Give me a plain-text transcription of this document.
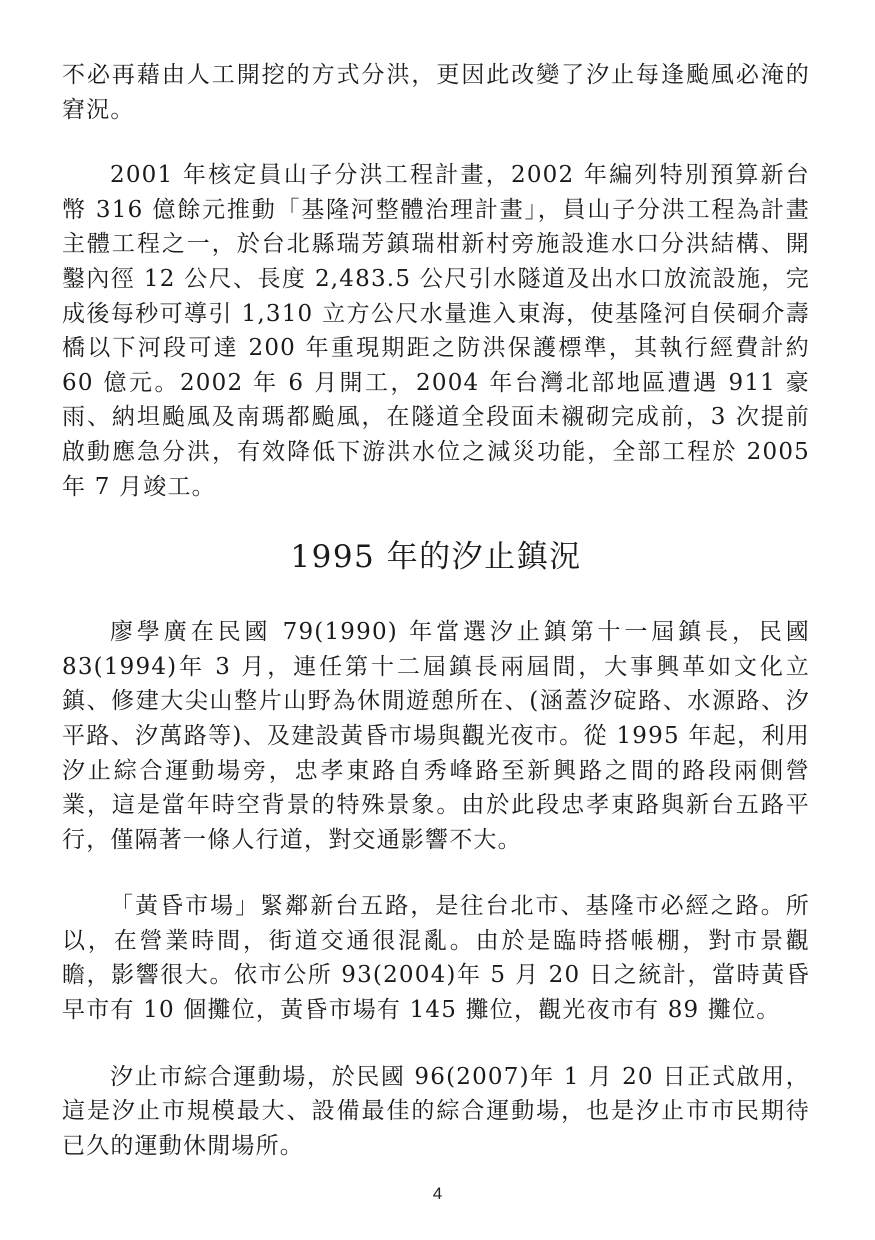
不必再藉由人工開挖的方式分洪，更因此改變了汐止每逢颱風必淹的窘況。

2001 年核定員山子分洪工程計畫，2002 年編列特別預算新台幣 316 億餘元推動「基隆河整體治理計畫」，員山子分洪工程為計畫主體工程之一，於台北縣瑞芳鎮瑞柑新村旁施設進水口分洪結構、開鑿內徑 12 公尺、長度 2,483.5 公尺引水隧道及出水口放流設施，完成後每秒可導引 1,310 立方公尺水量進入東海，使基隆河自侯硐介壽橋以下河段可達 200 年重現期距之防洪保護標準，其執行經費計約 60 億元。2002 年 6 月開工，2004 年台灣北部地區遭遇 911 豪雨、納坦颱風及南瑪都颱風，在隧道全段面未襯砌完成前，3 次提前啟動應急分洪，有效降低下游洪水位之減災功能，全部工程於 2005 年 7 月竣工。

1995 年的汐止鎮況

廖學廣在民國 79(1990) 年當選汐止鎮第十一屆鎮長，民國 83(1994)年 3 月，連任第十二屆鎮長兩屆間，大事興革如文化立鎮、修建大尖山整片山野為休閒遊憩所在、(涵蓋汐碇路、水源路、汐平路、汐萬路等)、及建設黃昏市場與觀光夜市。從 1995 年起，利用汐止綜合運動場旁，忠孝東路自秀峰路至新興路之間的路段兩側營業，這是當年時空背景的特殊景象。由於此段忠孝東路與新台五路平行，僅隔著一條人行道，對交通影響不大。

「黃昏市場」緊鄰新台五路，是往台北市、基隆市必經之路。所以，在營業時間，街道交通很混亂。由於是臨時搭帳棚，對市景觀瞻，影響很大。依市公所 93(2004)年 5 月 20 日之統計，當時黃昏早市有 10 個攤位，黃昏市場有 145 攤位，觀光夜市有 89 攤位。

汐止市綜合運動場，於民國 96(2007)年 1 月 20 日正式啟用，這是汐止市規模最大、設備最佳的綜合運動場，也是汐止市市民期待已久的運動休閒場所。

4
